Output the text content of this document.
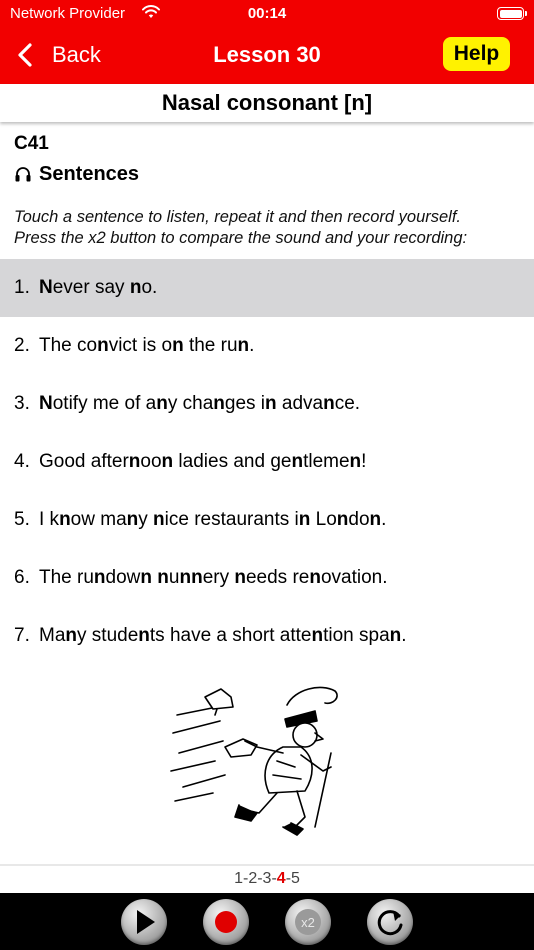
Network Provider	00:14
Back	Lesson 30	Help
Nasal consonant [n]
C41
Sentences
Touch a sentence to listen, repeat it and then record yourself.
Press the x2 button to compare the sound and your recording:
1. Never say no.
2. The convict is on the run.
3. Notify me of any changes in advance.
4. Good afternoon ladies and gentlemen!
5. I know many nice restaurants in London.
6. The rundown nunnery needs renovation.
7. Many students have a short attention span.
1-2-3-4-5
x2
